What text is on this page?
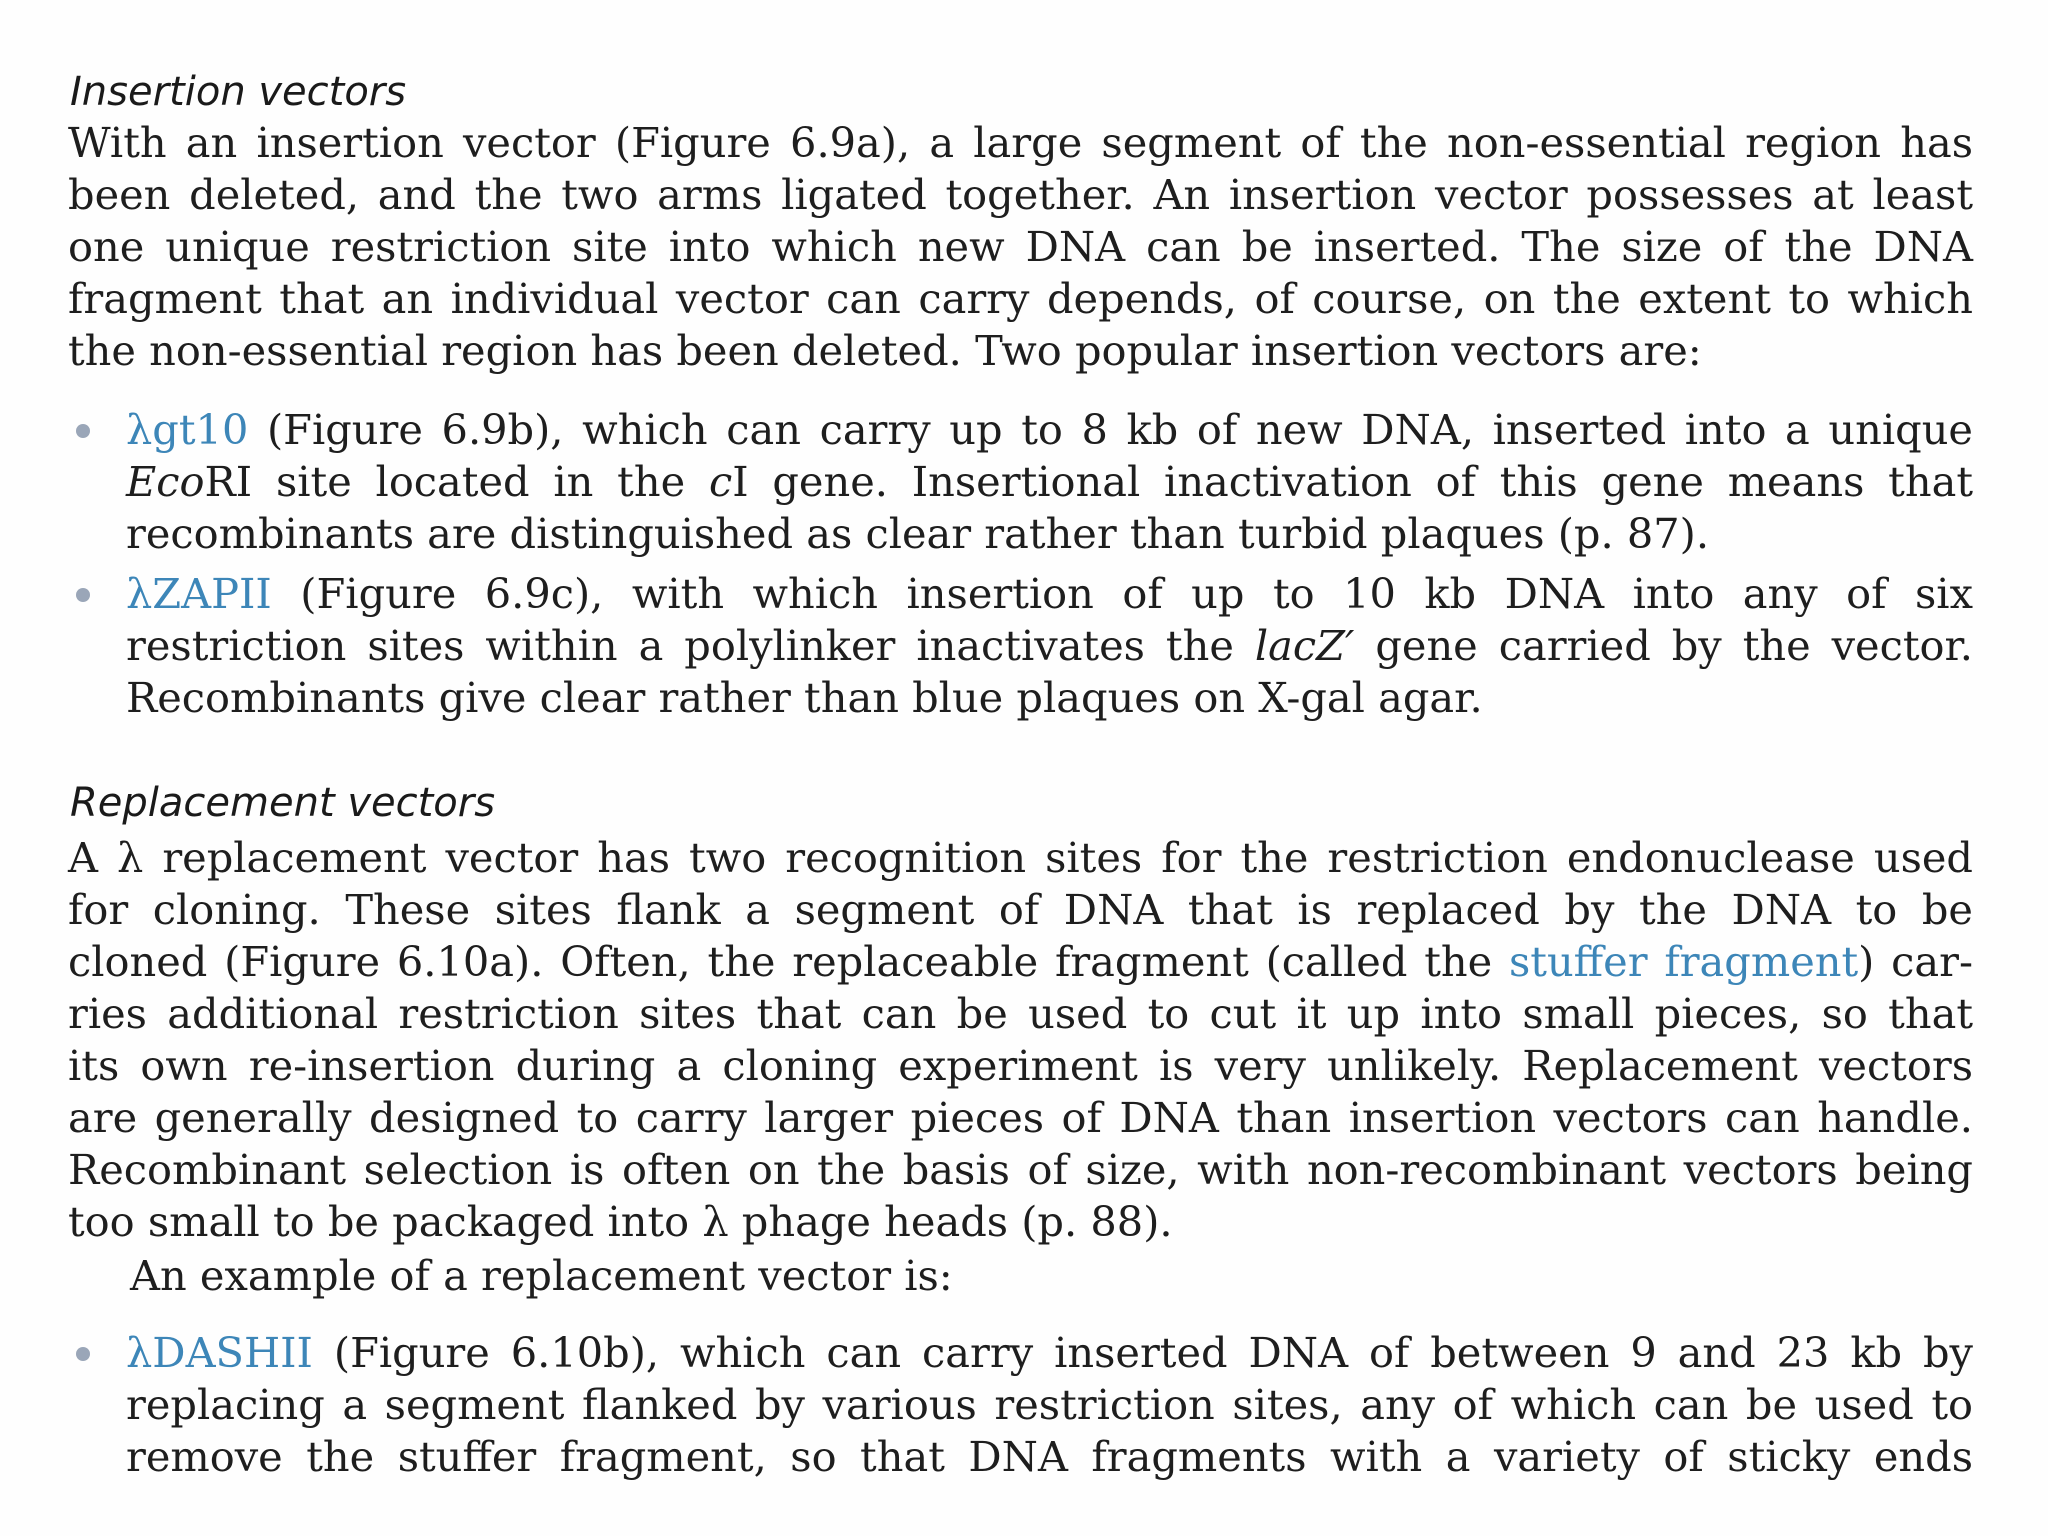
Insertion vectors
With an insertion vector (Figure 6.9a), a large segment of the non-essential region has
been deleted, and the two arms ligated together. An insertion vector possesses at least
one unique restriction site into which new DNA can be inserted. The size of the DNA
fragment that an individual vector can carry depends, of course, on the extent to which
the non-essential region has been deleted. Two popular insertion vectors are:
λgt10 (Figure 6.9b), which can carry up to 8 kb of new DNA, inserted into a unique
EcoRI site located in the cI gene. Insertional inactivation of this gene means that
recombinants are distinguished as clear rather than turbid plaques (p. 87).
λZAPII (Figure 6.9c), with which insertion of up to 10 kb DNA into any of six
restriction sites within a polylinker inactivates the lacZ′ gene carried by the vector.
Recombinants give clear rather than blue plaques on X-gal agar.
Replacement vectors
A λ replacement vector has two recognition sites for the restriction endonuclease used
for cloning. These sites flank a segment of DNA that is replaced by the DNA to be
cloned (Figure 6.10a). Often, the replaceable fragment (called the stuffer fragment) car-
ries additional restriction sites that can be used to cut it up into small pieces, so that
its own re-insertion during a cloning experiment is very unlikely. Replacement vectors
are generally designed to carry larger pieces of DNA than insertion vectors can handle.
Recombinant selection is often on the basis of size, with non-recombinant vectors being
too small to be packaged into λ phage heads (p. 88).
An example of a replacement vector is:
λDASHII (Figure 6.10b), which can carry inserted DNA of between 9 and 23 kb by
replacing a segment flanked by various restriction sites, any of which can be used to
remove the stuffer fragment, so that DNA fragments with a variety of sticky ends
